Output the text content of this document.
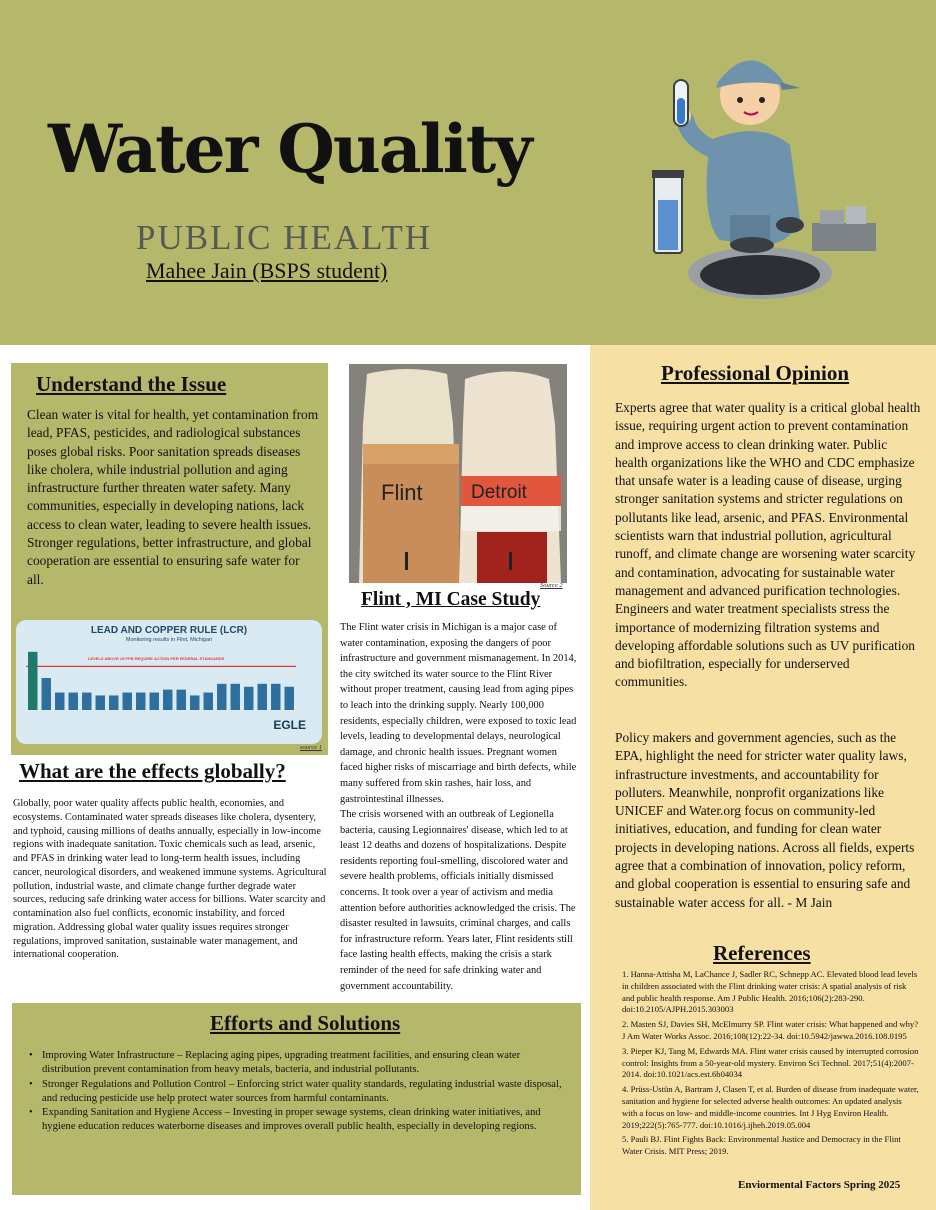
Water Quality
PUBLIC HEALTH
Mahee Jain (BSPS student)
Understand the Issue

Clean water is vital for health, yet contamination from lead, PFAS, pesticides, and radiological substances poses global risks. Poor sanitation spreads diseases like cholera, while industrial pollution and aging infrastructure further threaten water safety. Many communities, especially in developing nations, lack access to clean water, leading to severe health issues. Stronger regulations, better infrastructure, and global cooperation are essential to ensuring safe water for all.

LEAD AND COPPER RULE (LCR)
Monitoring results in Flint, Michigan
LEVELS ABOVE 15 PPB REQUIRE ACTION PER FEDERAL STANDARDS
EGLE
source 1
Flint	Detroit
Source 2
Flint , MI Case Study

The Flint water crisis in Michigan is a major case of water contamination, exposing the dangers of poor infrastructure and government mismanagement. In 2014, the city switched its water source to the Flint River without proper treatment, causing lead from aging pipes to leach into the drinking supply. Nearly 100,000 residents, especially children, were exposed to toxic lead levels, leading to developmental delays, neurological damage, and chronic health issues. Pregnant women faced higher risks of miscarriage and birth defects, while many suffered from skin rashes, hair loss, and gastrointestinal illnesses.

The crisis worsened with an outbreak of Legionella bacteria, causing Legionnaires' disease, which led to at least 12 deaths and dozens of hospitalizations. Despite residents reporting foul-smelling, discolored water and severe health problems, officials initially dismissed concerns. It took over a year of activism and media attention before authorities acknowledged the crisis. The disaster resulted in lawsuits, criminal charges, and calls for infrastructure reform. Years later, Flint residents still face lasting health effects, making the crisis a stark reminder of the need for safe drinking water and government accountability.

What are the effects globally?

Globally, poor water quality affects public health, economies, and ecosystems. Contaminated water spreads diseases like cholera, dysentery, and typhoid, causing millions of deaths annually, especially in low-income regions with inadequate sanitation. Toxic chemicals such as lead, arsenic, and PFAS in drinking water lead to long-term health issues, including cancer, neurological disorders, and weakened immune systems. Agricultural pollution, industrial waste, and climate change further degrade water sources, reducing safe drinking water access for billions. Water scarcity and contamination also fuel conflicts, economic instability, and forced migration. Addressing global water quality issues requires stronger regulations, improved sanitation, sustainable water management, and international cooperation.

Efforts and Solutions
• Improving Water Infrastructure – Replacing aging pipes, upgrading treatment facilities, and ensuring clean water distribution prevent contamination from heavy metals, bacteria, and industrial pollutants.
• Stronger Regulations and Pollution Control – Enforcing strict water quality standards, regulating industrial waste disposal, and reducing pesticide use help protect water sources from harmful contaminants.
• Expanding Sanitation and Hygiene Access – Investing in proper sewage systems, clean drinking water initiatives, and hygiene education reduces waterborne diseases and improves overall public health, especially in developing regions.
Professional Opinion

Experts agree that water quality is a critical global health issue, requiring urgent action to prevent contamination and improve access to clean drinking water. Public health organizations like the WHO and CDC emphasize that unsafe water is a leading cause of disease, urging stronger sanitation systems and stricter regulations on pollutants like lead, arsenic, and PFAS. Environmental scientists warn that industrial pollution, agricultural runoff, and climate change are worsening water scarcity and contamination, advocating for sustainable water management and advanced purification technologies. Engineers and water treatment specialists stress the importance of modernizing filtration systems and developing affordable solutions such as UV purification and biofiltration, especially for underserved communities.

Policy makers and government agencies, such as the EPA, highlight the need for stricter water quality laws, infrastructure investments, and accountability for polluters. Meanwhile, nonprofit organizations like UNICEF and Water.org focus on community-led initiatives, education, and funding for clean water projects in developing nations. Across all fields, experts agree that a combination of innovation, policy reform, and global cooperation is essential to ensuring safe and sustainable water access for all. - M Jain

References
1. Hanna-Attisha M, LaChance J, Sadler RC, Schnepp AC. Elevated blood lead levels in children associated with the Flint drinking water crisis: A spatial analysis of risk and public health response. Am J Public Health. 2016;106(2):283-290. doi:10.2105/AJPH.2015.303003
2. Masten SJ, Davies SH, McElmurry SP. Flint water crisis: What happened and why? J Am Water Works Assoc. 2016;108(12):22-34. doi:10.5942/jawwa.2016.108.0195
3. Pieper KJ, Tang M, Edwards MA. Flint water crisis caused by interrupted corrosion control: Insights from a 50-year-old mystery. Environ Sci Technol. 2017;51(4):2007-2014. doi:10.1021/acs.est.6b04034
4. Prüss-Ustün A, Bartram J, Clasen T, et al. Burden of disease from inadequate water, sanitation and hygiene for selected adverse health outcomes: An updated analysis with a focus on low- and middle-income countries. Int J Hyg Environ Health. 2019;222(5):765-777. doi:10.1016/j.ijheh.2019.05.004
5. Pauli BJ. Flint Fights Back: Environmental Justice and Democracy in the Flint Water Crisis. MIT Press; 2019.
Enviormental Factors Spring 2025
